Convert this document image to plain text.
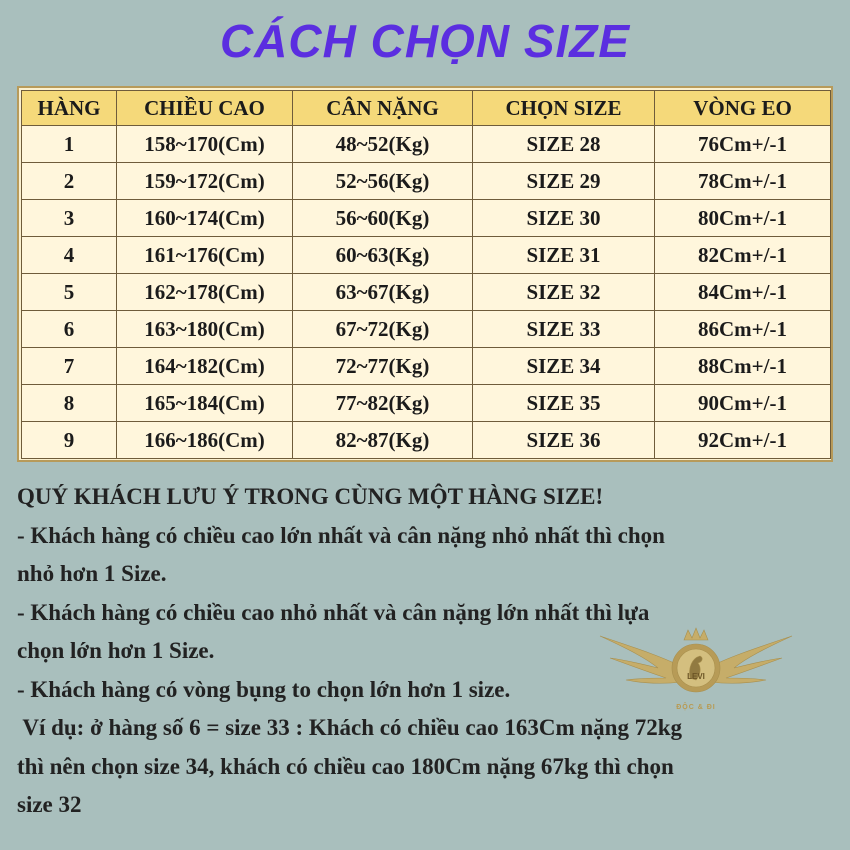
CÁCH CHỌN SIZE
HÀNG	CHIỀU CAO	CÂN NẶNG	CHỌN SIZE	VÒNG EO
1	158~170(Cm)	48~52(Kg)	SIZE 28	76Cm+/-1
2	159~172(Cm)	52~56(Kg)	SIZE 29	78Cm+/-1
3	160~174(Cm)	56~60(Kg)	SIZE 30	80Cm+/-1
4	161~176(Cm)	60~63(Kg)	SIZE 31	82Cm+/-1
5	162~178(Cm)	63~67(Kg)	SIZE 32	84Cm+/-1
6	163~180(Cm)	67~72(Kg)	SIZE 33	86Cm+/-1
7	164~182(Cm)	72~77(Kg)	SIZE 34	88Cm+/-1
8	165~184(Cm)	77~82(Kg)	SIZE 35	90Cm+/-1
9	166~186(Cm)	82~87(Kg)	SIZE 36	92Cm+/-1
QUÝ KHÁCH LƯU Ý TRONG CÙNG MỘT HÀNG SIZE!
- Khách hàng có chiều cao lớn nhất và cân nặng nhỏ nhất thì chọn
nhỏ hơn 1 Size.
- Khách hàng có chiều cao nhỏ nhất và cân nặng lớn nhất thì lựa
chọn lớn hơn 1 Size.
- Khách hàng có vòng bụng to chọn lớn hơn 1 size.
Ví dụ: ở hàng số 6 = size 33 : Khách có chiều cao 163Cm nặng 72kg
thì nên chọn size 34, khách có chiều cao 180Cm nặng 67kg thì chọn
size 32
LEVI
ĐỘC & ĐI
